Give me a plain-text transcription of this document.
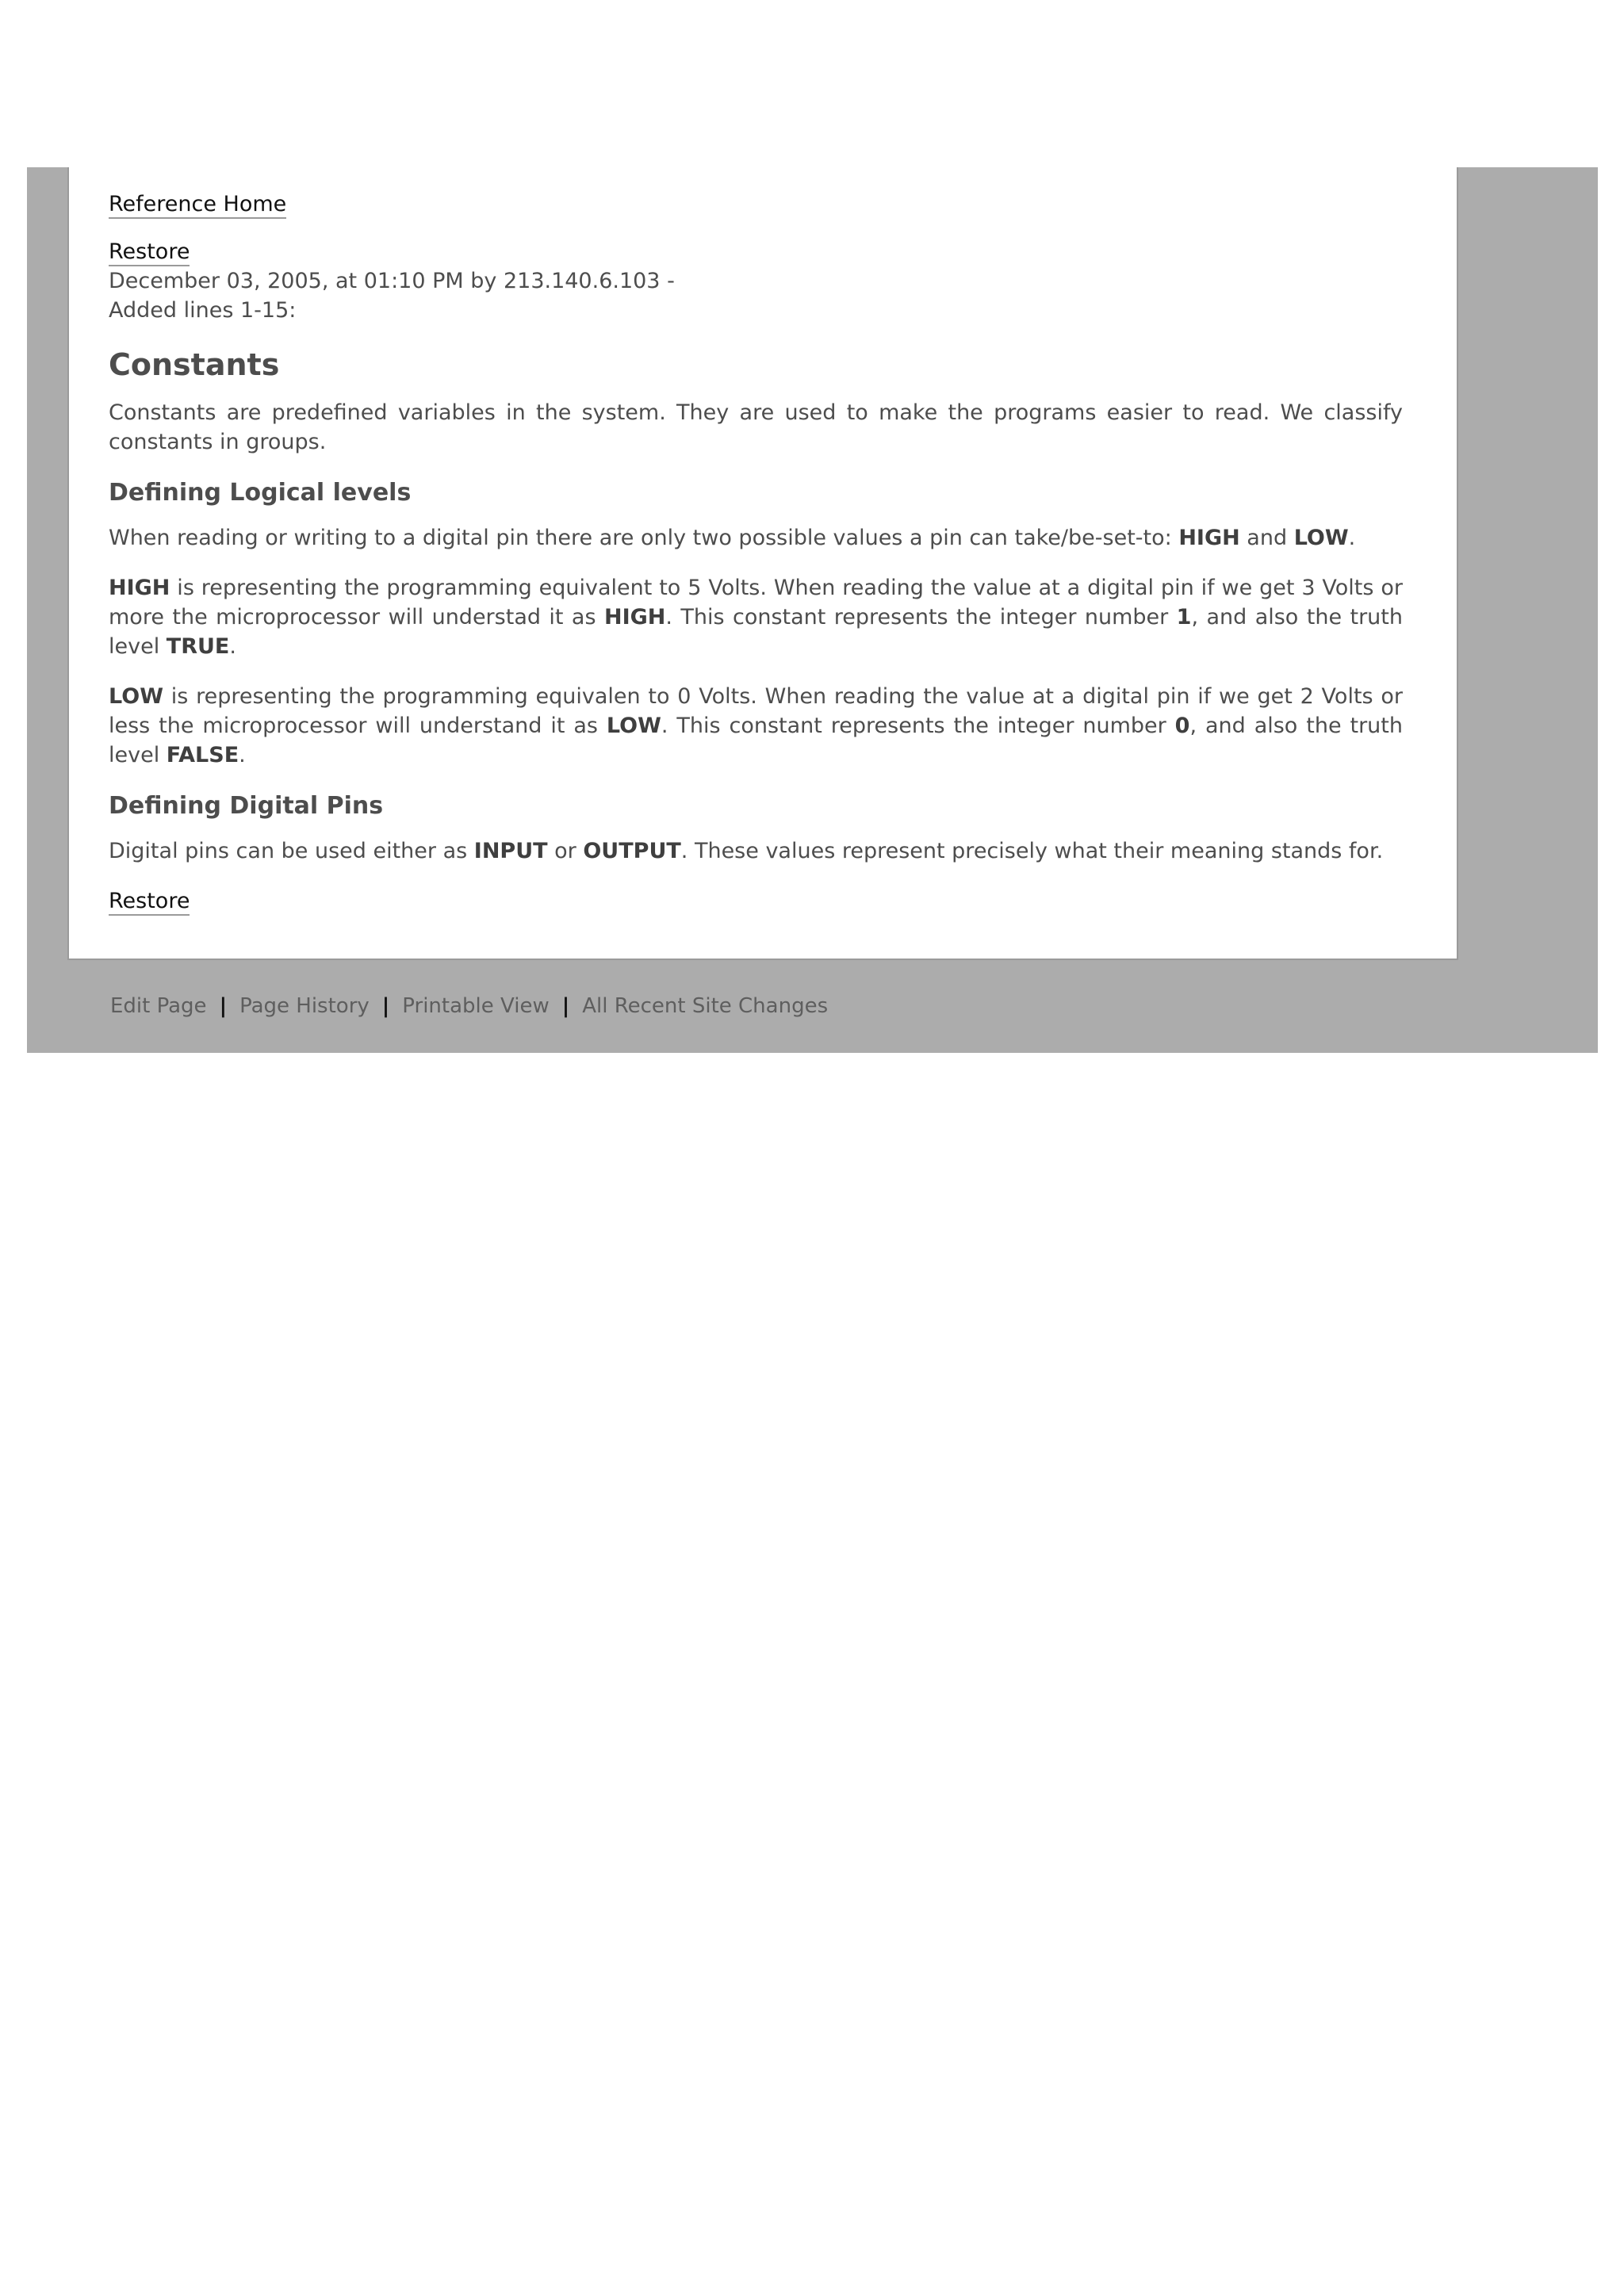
Reference Home
Restore
December 03, 2005, at 01:10 PM by 213.140.6.103 -
Added lines 1-15:
Constants

Constants are predefined variables in the system. They are used to make the programs easier to read. We classify constants in groups.

Defining Logical levels

When reading or writing to a digital pin there are only two possible values a pin can take/be-set-to: HIGH and LOW.

HIGH is representing the programming equivalent to 5 Volts. When reading the value at a digital pin if we get 3 Volts or more the microprocessor will understad it as HIGH. This constant represents the integer number 1, and also the truth level TRUE.

LOW is representing the programming equivalen to 0 Volts. When reading the value at a digital pin if we get 2 Volts or less the microprocessor will understand it as LOW. This constant represents the integer number 0, and also the truth level FALSE.

Defining Digital Pins

Digital pins can be used either as INPUT or OUTPUT. These values represent precisely what their meaning stands for.

Restore
Edit Page | Page History | Printable View | All Recent Site Changes
